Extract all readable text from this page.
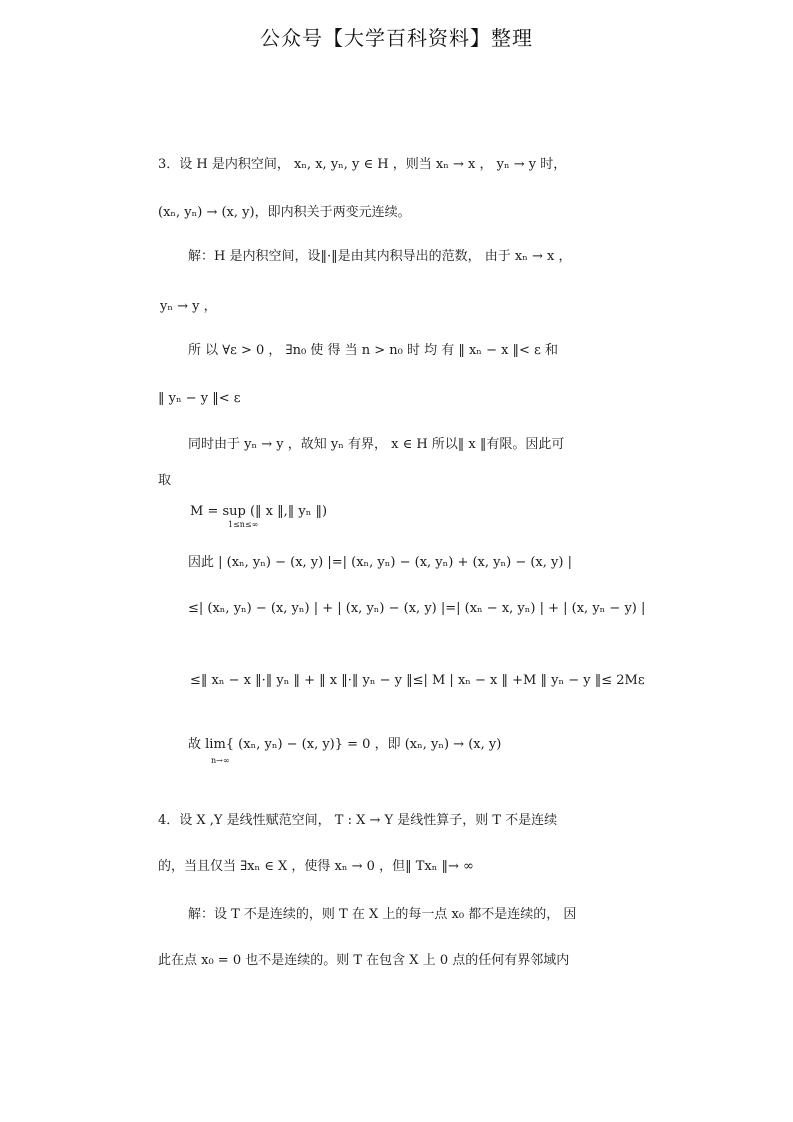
公众号【大学百科资料】整理
3．设 H 是内积空间， xₙ, x, yₙ, y ∈ H ，则当 xₙ → x ， yₙ → y 时，
(xₙ, yₙ) → (x, y)，即内积关于两变元连续。
解：H 是内积空间，设‖·‖是由其内积导出的范数， 由于 xₙ → x ，
yₙ → y ，
所 以 ∀ε > 0 ， ∃n₀ 使 得 当 n > n₀ 时 均 有 ‖ xₙ − x ‖< ε 和
‖ yₙ − y ‖< ε
同时由于 yₙ → y ，故知 yₙ 有界， x ∈ H 所以‖ x ‖有限。因此可
取
M = sup (‖ x ‖,‖ yₙ ‖)
1≤n≤∞
因此 | (xₙ, yₙ) − (x, y) |=| (xₙ, yₙ) − (x, yₙ) + (x, yₙ) − (x, y) |
≤| (xₙ, yₙ) − (x, yₙ) | + | (x, yₙ) − (x, y) |=| (xₙ − x, yₙ) | + | (x, yₙ − y) |
≤‖ xₙ − x ‖·‖ yₙ ‖ + ‖ x ‖·‖ yₙ − y ‖≤| M | xₙ − x ‖ +M ‖ yₙ − y ‖≤ 2Mε
故 lim{ (xₙ, yₙ) − (x, y)} = 0 ，即 (xₙ, yₙ) → (x, y)
n→∞
4．设 X ,Y 是线性赋范空间， T : X → Y 是线性算子，则 T 不是连续
的，当且仅当 ∃xₙ ∈ X ，使得 xₙ → 0 ，但‖ Txₙ ‖→ ∞
解：设 T 不是连续的，则 T 在 X 上的每一点 x₀ 都不是连续的， 因
此在点 x₀ = 0 也不是连续的。则 T 在包含 X 上 0 点的任何有界邻域内
